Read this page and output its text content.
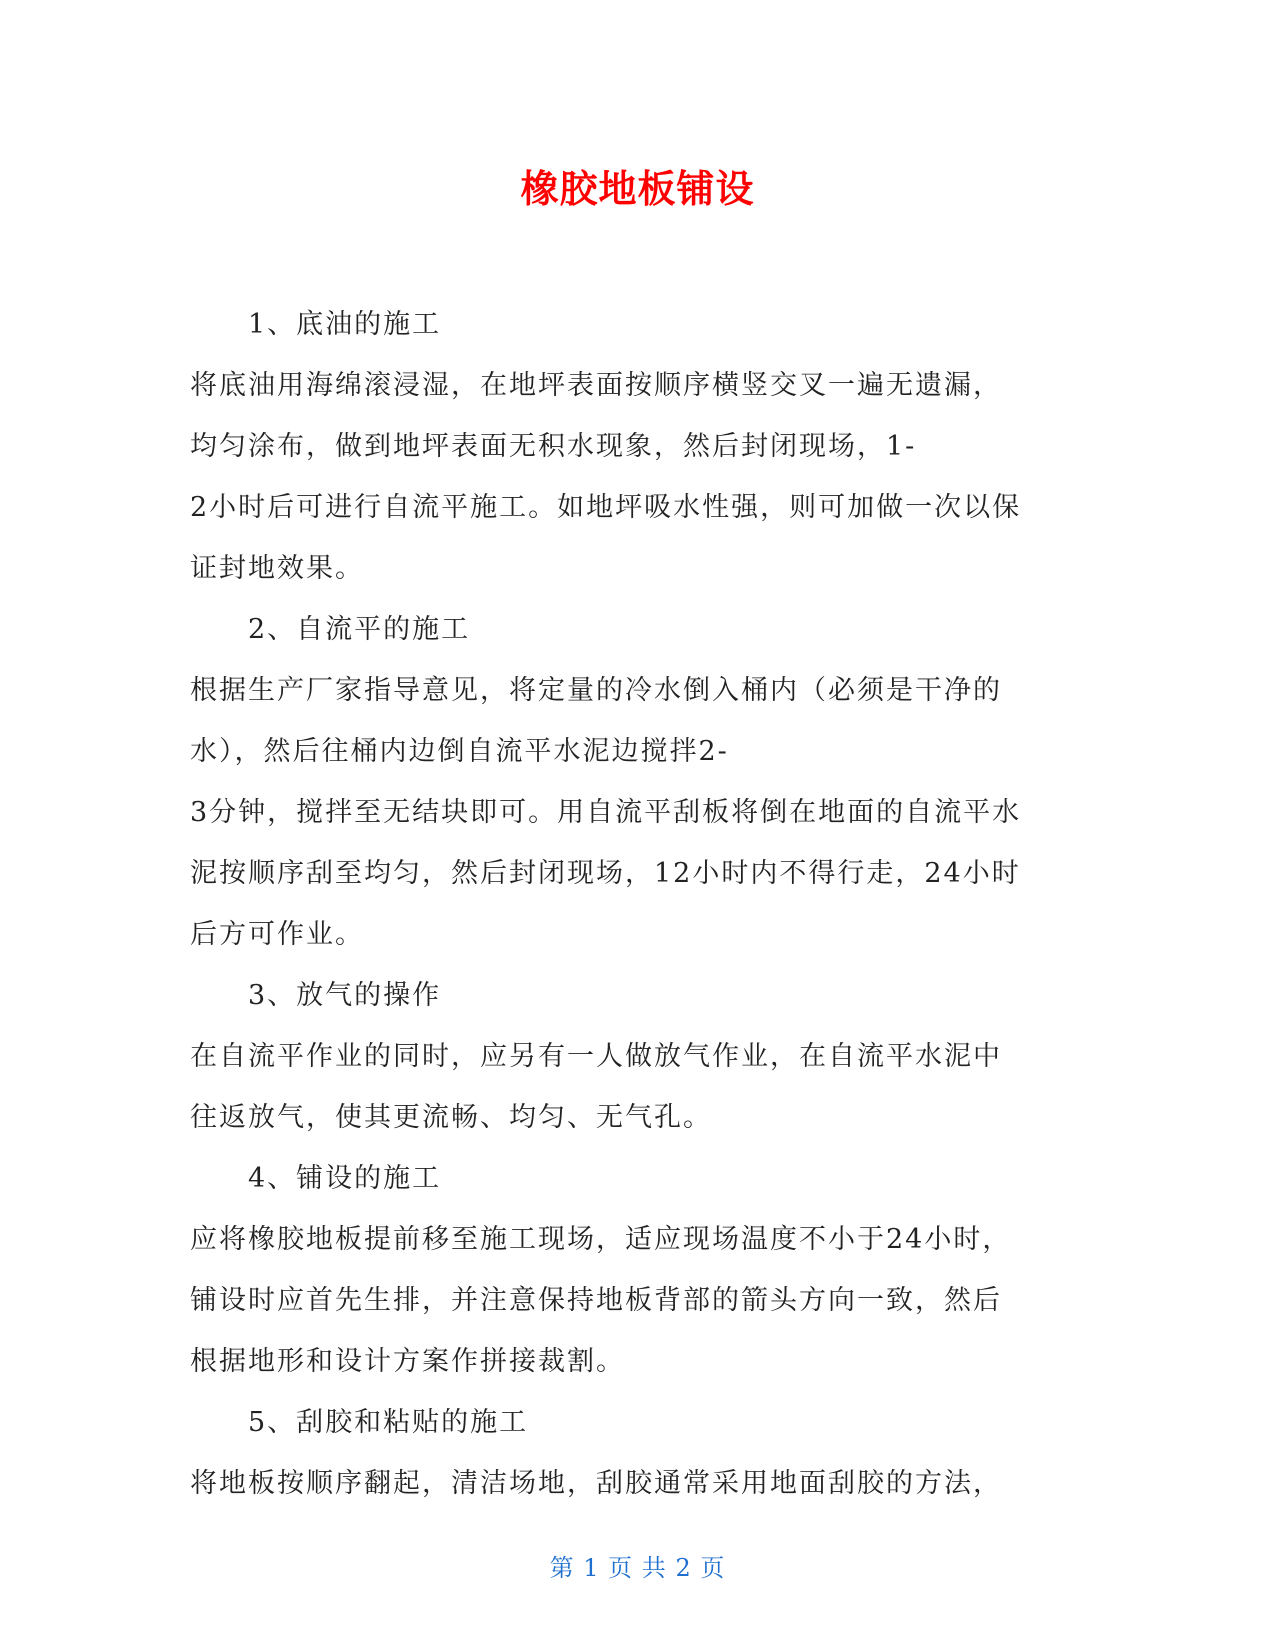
橡胶地板铺设
1、底油的施工
将底油用海绵滚浸湿，在地坪表面按顺序横竖交叉一遍无遗漏，
均匀涂布，做到地坪表面无积水现象，然后封闭现场，1-
2小时后可进行自流平施工。如地坪吸水性强，则可加做一次以保
证封地效果。
2、自流平的施工
根据生产厂家指导意见，将定量的冷水倒入桶内（必须是干净的
水），然后往桶内边倒自流平水泥边搅拌2-
3分钟，搅拌至无结块即可。用自流平刮板将倒在地面的自流平水
泥按顺序刮至均匀，然后封闭现场，12小时内不得行走，24小时
后方可作业。
3、放气的操作
在自流平作业的同时，应另有一人做放气作业，在自流平水泥中
往返放气，使其更流畅、均匀、无气孔。
4、铺设的施工
应将橡胶地板提前移至施工现场，适应现场温度不小于24小时，
铺设时应首先生排，并注意保持地板背部的箭头方向一致，然后
根据地形和设计方案作拼接裁割。
5、刮胶和粘贴的施工
将地板按顺序翻起，清洁场地，刮胶通常采用地面刮胶的方法，
第 1 页 共 2 页
